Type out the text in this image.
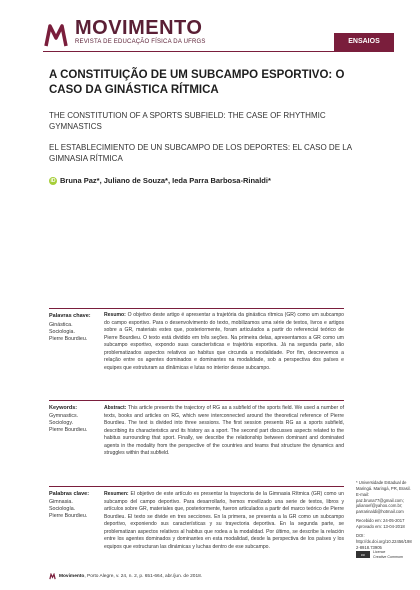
MOVIMENTO
REVISTA DE EDUCAÇÃO FÍSICA DA UFRGS	ENSAIOS
A CONSTITUIÇÃO DE UM SUBCAMPO ESPORTIVO: O CASO DA GINÁSTICA RÍTMICA
THE CONSTITUTION OF A SPORTS SUBFIELD: THE CASE OF RHYTHMIC GYMNASTICS
EL ESTABLECIMIENTO DE UN SUBCAMPO DE LOS DEPORTES: EL CASO DE LA GIMNASIA RÍTMICA
iD Bruna Paz*, Juliano de Souza*, Ieda Parra Barbosa-Rinaldi*
Palavras chave:
Ginástica.
Sociologia.
Pierre Bourdieu.
Resumo: O objetivo deste artigo é apresentar a trajetória da ginástica rítmica (GR) como um subcampo do campo esportivo. Para o desenvolvimento do texto, mobilizamos uma série de textos, livros e artigos sobre a GR, materiais estes que, posteriormente, foram articulados a partir do referencial teórico de Pierre Bourdieu. O texto está dividido em três seções. Na primeira delas, apresentamos a GR como um subcampo esportivo, expondo suas características e trajetória esportiva. Já na segunda parte, são problematizados aspectos relativos ao habitus que circunda a modalidade. Por fim, descrevemos a relação entre os agentes dominados e dominantes na modalidade, sob a perspectiva dos países e equipes que estruturam as dinâmicas e lutas no interior desse subcampo.
Keywords:
Gymnastics.
Sociology.
Pierre Bourdieu.
Abstract: This article presents the trajectory of RG as a subfield of the sports field. We used a number of texts, books and articles on RG, which were interconnected around the theoretical reference of Pierre Bourdieu. The text is divided into three sessions. The first session presents RG as a sports subfield, describing its characteristics and its history as a sport. The second part discusses aspects related to the habitus surrounding that sport. Finally, we describe the relationship between dominant and dominated agents in the modality from the perspective of the countries and teams that structure the dynamics and struggles within that subfield.
Palabras clave:
Gimnasia.
Sociología.
Pierre Bourdieu.
Resumen: El objetivo de este artículo es presentar la trayectoria de la Gimnasia Rítmica (GR) como un subcampo del campo deportivo. Para desarrollarlo, hemos movilizado una serie de textos, libros y artículos sobre GR, materiales que, posteriormente, fueron articulados a partir del marco teórico de Pierre Bourdieu. El texto se divide en tres secciones. En la primera, se presenta a la GR como un subcampo deportivo, exponiendo sus características y su trayectoria deportiva. En la segunda parte, se problematizan aspectos relativos al habitus que rodea a la modalidad. Por último, se describe la relación entre los agentes dominados y dominantes en esta modalidad, desde la perspectiva de los países y los equipos que estructuran las dinámicas y luchas dentro de ese subcampo.
* Universidade Estadual de Maringá. Maringá, PR, Brasil.
E-mail: paz.bruna77@gmail.com; julianoef@yahoo.com.br; parrarinaldi@hotmail.com
Recebido em: 24-05-2017
Aprovado em: 13-04-2018
DOI:
http://dx.doi.org/10.22456/1982-8918.73905
cc	Licence
Creative Commom
Movimento, Porto Alegre, v. 24, n. 2, p. 651-664, abr./jun. de 2018.
